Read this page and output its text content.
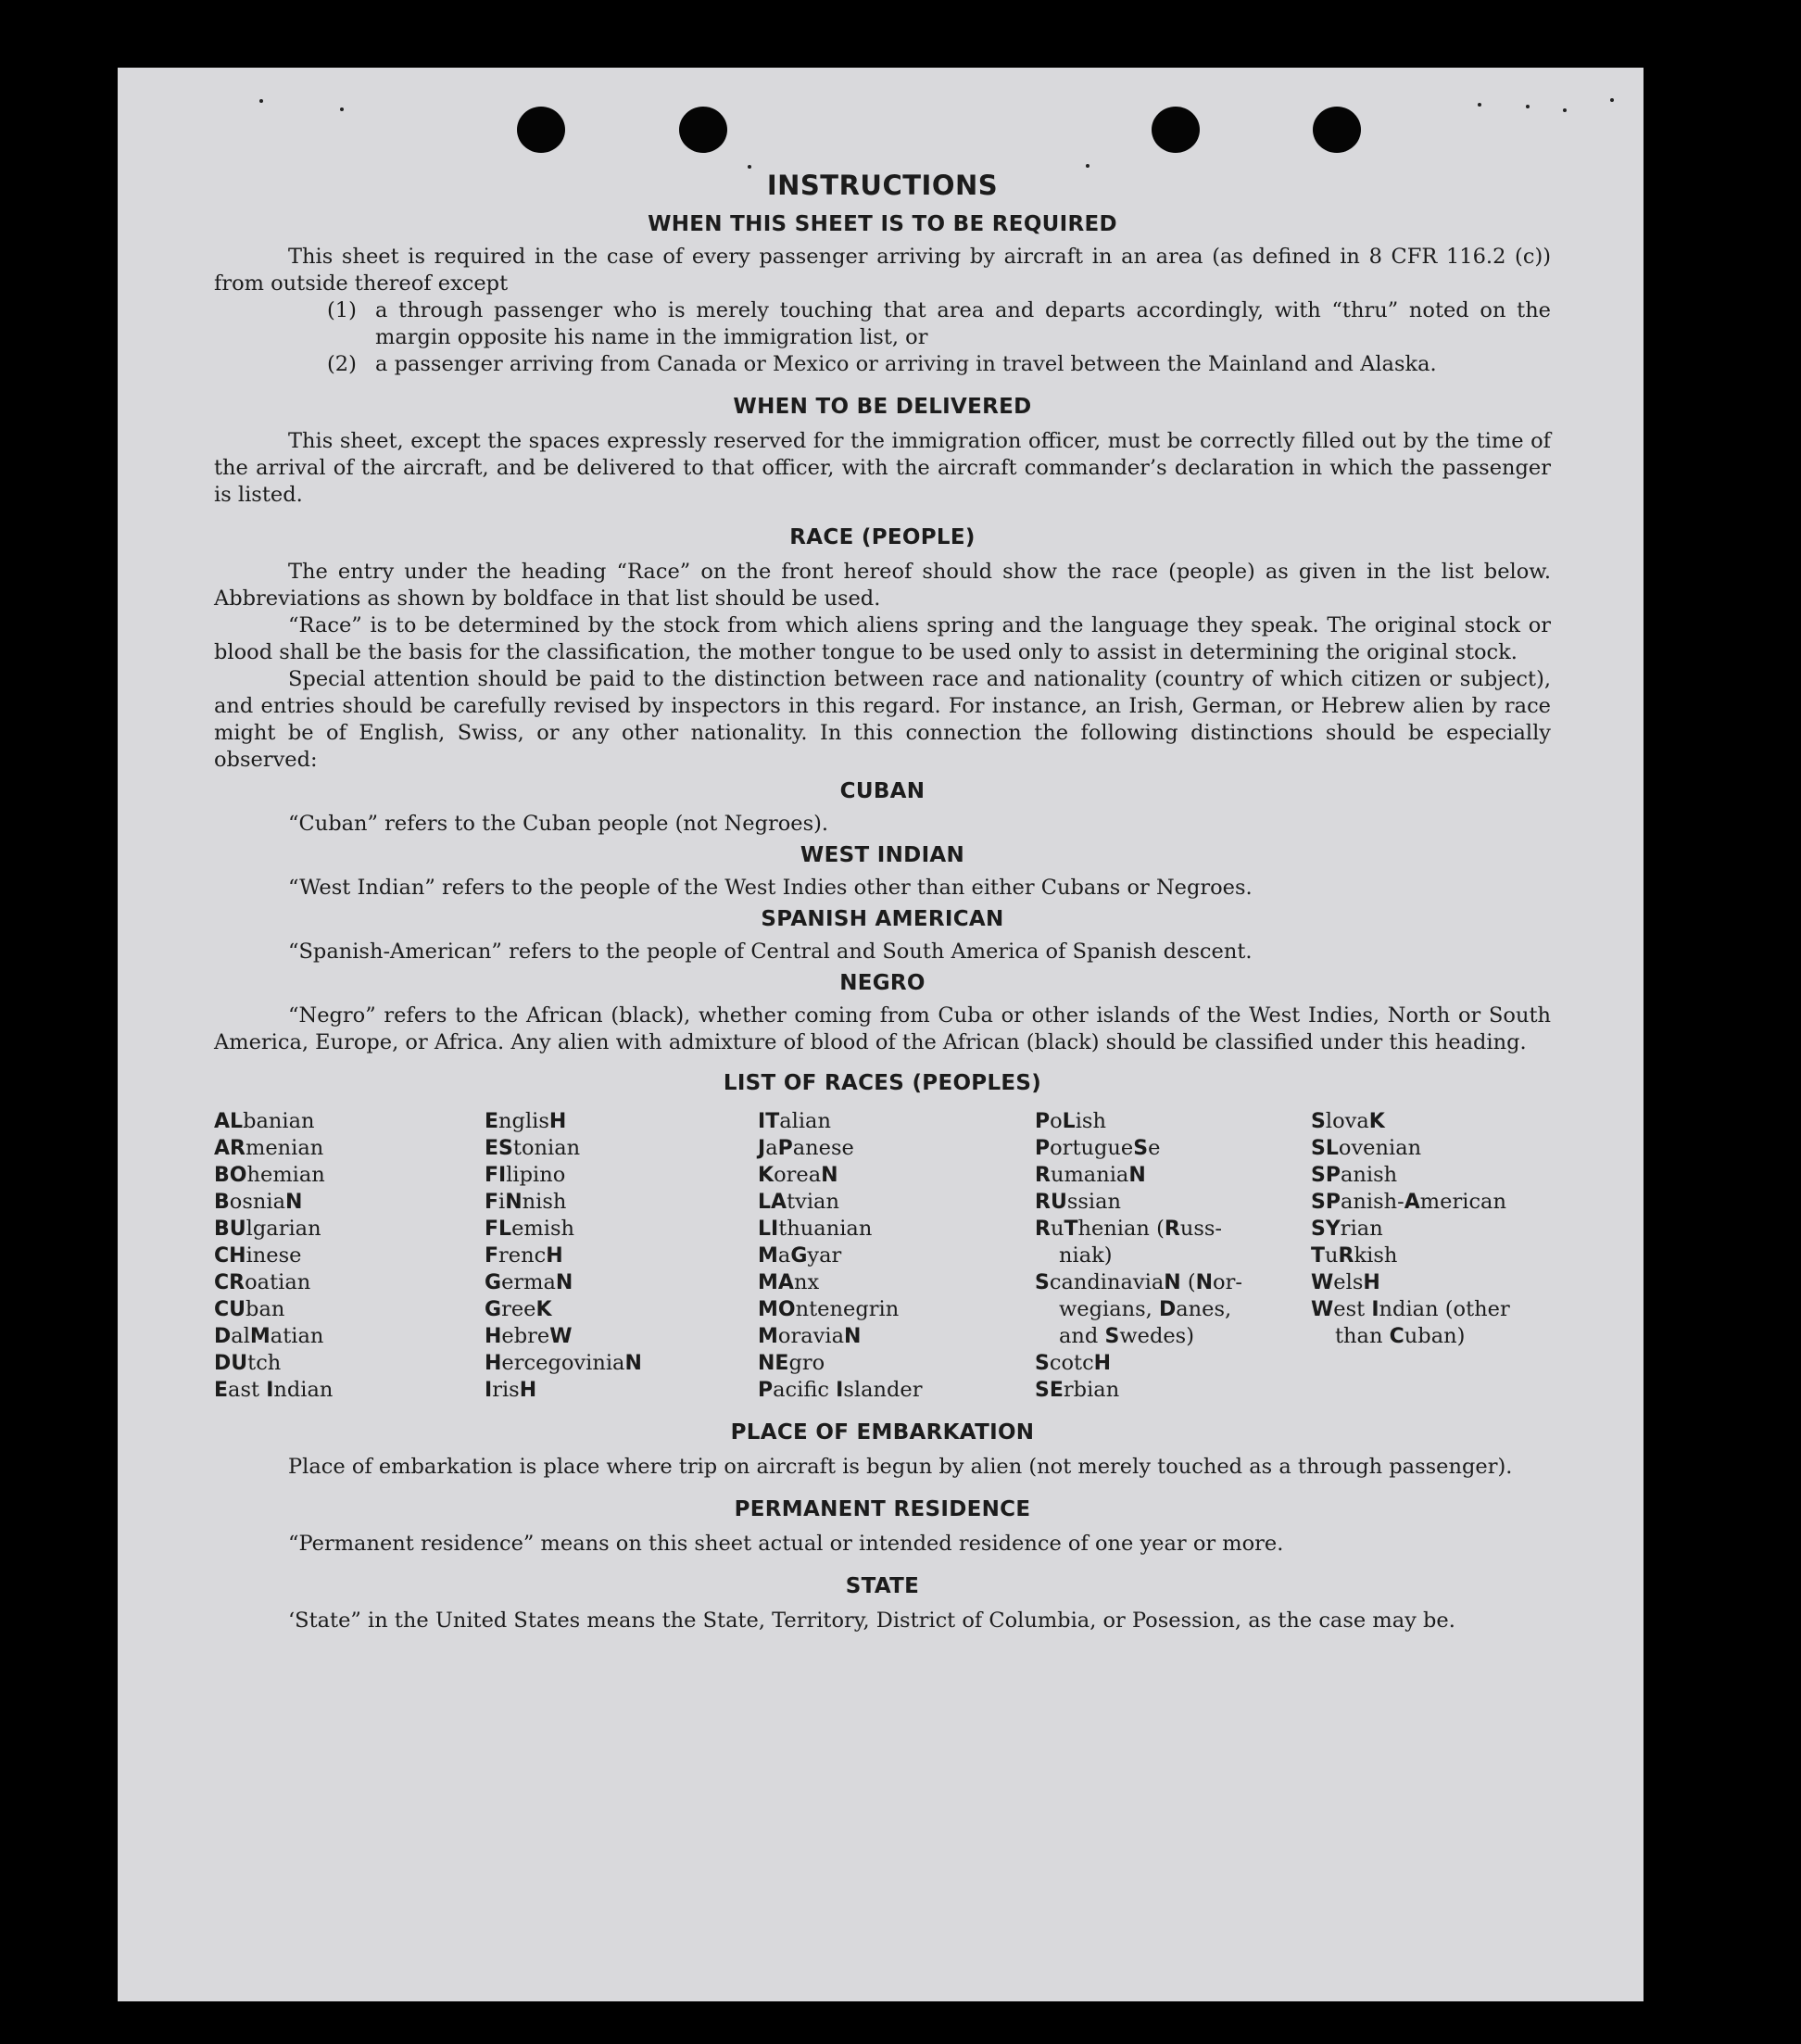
INSTRUCTIONS
WHEN THIS SHEET IS TO BE REQUIRED

This sheet is required in the case of every passenger arriving by aircraft in an area (as defined in 8 CFR 116.2 (c)) from outside thereof except

(1) a through passenger who is merely touching that area and departs accordingly, with “thru” noted on the margin opposite his name in the immigration list, or
(2) a passenger arriving from Canada or Mexico or arriving in travel between the Mainland and Alaska.
WHEN TO BE DELIVERED

This sheet, except the spaces expressly reserved for the immigration officer, must be correctly filled out by the time of the arrival of the aircraft, and be delivered to that officer, with the aircraft commander’s declaration in which the passenger is listed.

RACE (PEOPLE)

The entry under the heading “Race” on the front hereof should show the race (people) as given in the list below. Abbreviations as shown by boldface in that list should be used.

“Race” is to be determined by the stock from which aliens spring and the language they speak. The original stock or blood shall be the basis for the classification, the mother tongue to be used only to assist in determining the original stock.

Special attention should be paid to the distinction between race and nationality (country of which citizen or subject), and entries should be carefully revised by inspectors in this regard. For instance, an Irish, German, or Hebrew alien by race might be of English, Swiss, or any other nationality. In this connection the following distinctions should be especially observed:

CUBAN

“Cuban” refers to the Cuban people (not Negroes).

WEST INDIAN

“West Indian” refers to the people of the West Indies other than either Cubans or Negroes.

SPANISH AMERICAN

“Spanish-American” refers to the people of Central and South America of Spanish descent.

NEGRO

“Negro” refers to the African (black), whether coming from Cuba or other islands of the West Indies, North or South America, Europe, or Africa. Any alien with admixture of blood of the African (black) should be classified under this heading.

LIST OF RACES (PEOPLES)
ALbanian
ARmenian
BOhemian
BosniaN
BUlgarian
CHinese
CRoatian
CUban
DalMatian
DUtch
East Indian
EnglisH
EStonian
FIlipino
FiNnish
FLemish
FrencH
GermaN
GreeK
HebreW
HercegoviniaN
IrisH
ITalian
JaPanese
KoreaN
LAtvian
LIthuanian
MaGyar
MAnx
MOntenegrin
MoraviaN
NEgro
Pacifc Islander
PoLish
PortugueSe
RumaniaN
RUssian
RuThenian (Russ-
niak)
ScandinaviaN (Nor-
wegians, Danes,
and Swedes)
ScotcH
SErbian
SlovaK
SLovenian
SPanish
SPanish-American
SYrian
TuRkish
WelsH
West Indian (other
than Cuban)
PLACE OF EMBARKATION

Place of embarkation is place where trip on aircraft is begun by alien (not merely touched as a through passenger).

PERMANENT RESIDENCE

“Permanent residence” means on this sheet actual or intended residence of one year or more.

STATE

‘State” in the United States means the State, Territory, District of Columbia, or Posession, as the case may be.
